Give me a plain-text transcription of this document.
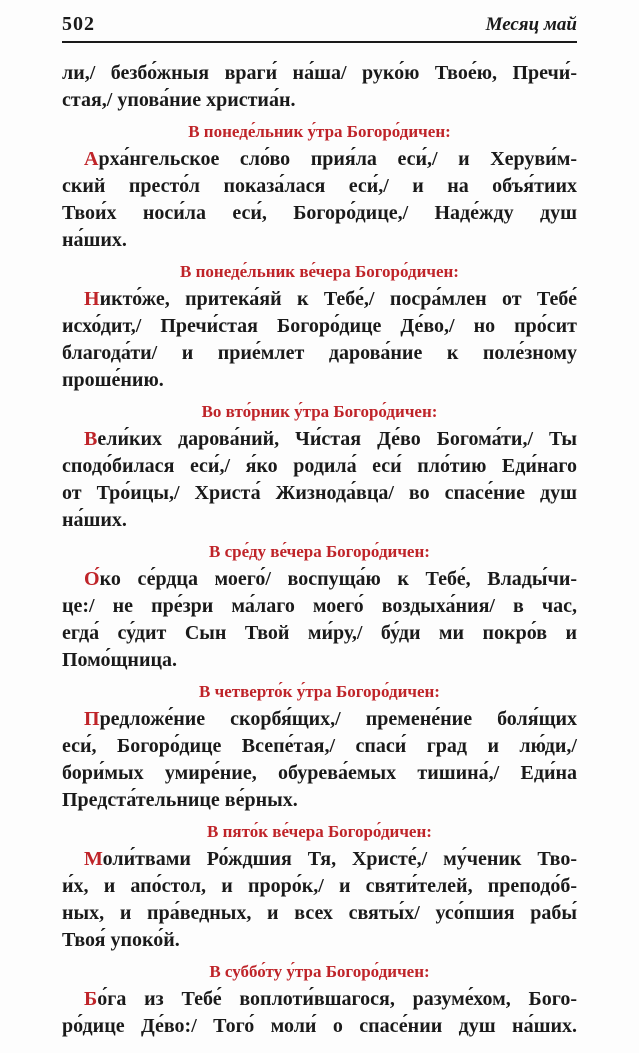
502	Месяц май
ли,/ безбо́жныя враги́ на́ша/ руко́ю Твое́ю, Пречи́-
стая,/ упова́ние христиа́н.
В понеде́льник у́тра Богоро́дичен:
Арха́нгельское сло́во прия́ла еси́,/ и Херуви́м-
ский престо́л показа́лася еси́,/ и на объя́тиих
Твои́х носи́ла еси́, Богоро́дице,/ Наде́жду душ
на́ших.
В понеде́льник ве́чера Богоро́дичен:
Никто́же, притека́яй к Тебе́,/ посра́млен от Тебе́
исхо́дит,/ Пречи́стая Богоро́дице Де́во,/ но про́сит
благода́ти/ и прие́млет дарова́ние к поле́зному
проше́нию.
Во вто́рник у́тра Богоро́дичен:
Вели́ких дарова́ний, Чи́стая Де́во Богома́ти,/ Ты
сподо́билася еси́,/ я́ко родила́ еси́ пло́тию Еди́наго
от Тро́ицы,/ Христа́ Жизнода́вца/ во спасе́ние душ
на́ших.
В сре́ду ве́чера Богоро́дичен:
О́ко се́рдца моего́/ воспуща́ю к Тебе́, Влады́чи-
це:/ не пре́зри ма́лаго моего́ воздыха́ния/ в час,
егда́ су́дит Сын Твой ми́ру,/ бу́ди ми покро́в и
Помо́щница.
В четверто́к у́тра Богоро́дичен:
Предложе́ние скорбя́щих,/ премене́ние боля́щих
еси́, Богоро́дице Всепе́тая,/ спаси́ град и лю́ди,/
бори́мых умире́ние, обурева́емых тишина́,/ Еди́на
Предста́тельнице ве́рных.
В пято́к ве́чера Богоро́дичен:
Моли́твами Ро́ждшия Тя, Христе́,/ му́ченик Тво-
и́х, и апо́стол, и проро́к,/ и святи́телей, преподо́б-
ных, и пра́ведных, и всех святы́х/ усо́пшия рабы́
Твоя́ упоко́й.
В суббо́ту у́тра Богоро́дичен:
Бо́га из Тебе́ воплоти́вшагося, разуме́хом, Бого-
ро́дице Де́во:/ Того́ моли́ о спасе́нии душ на́ших.
